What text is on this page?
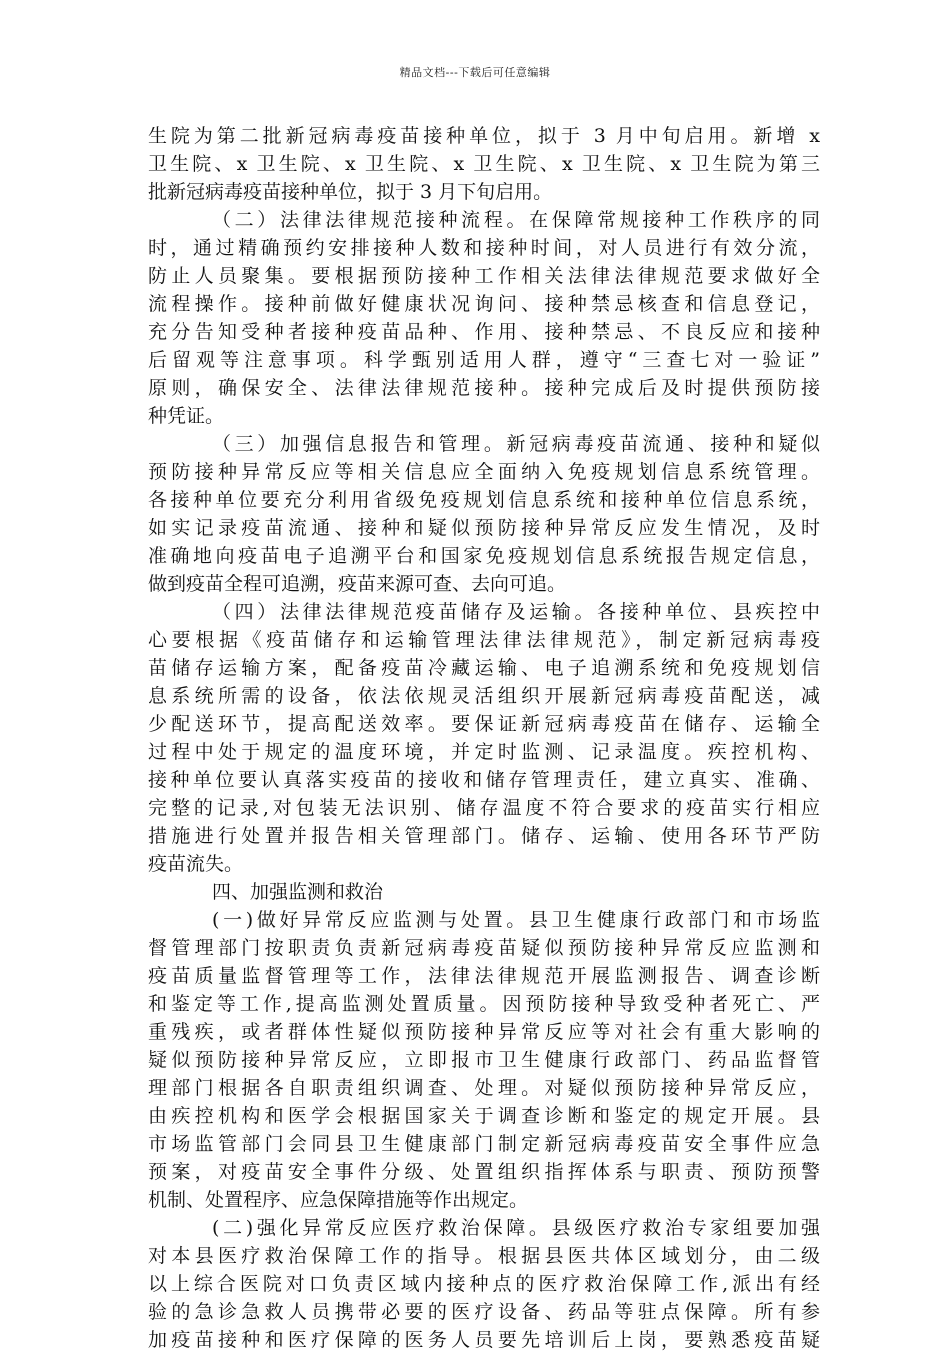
精品文档---下载后可任意编辑
生院为第二批新冠病毒疫苗接种单位，拟于 3 月中旬启用。新增 x
卫生院、x 卫生院、x 卫生院、x 卫生院、x 卫生院、x 卫生院为第三
批新冠病毒疫苗接种单位，拟于 3 月下旬启用。
（二）法律法律规范接种流程。在保障常规接种工作秩序的同
时，通过精确预约安排接种人数和接种时间，对人员进行有效分流，
防止人员聚集。要根据预防接种工作相关法律法律规范要求做好全
流程操作。接种前做好健康状况询问、接种禁忌核查和信息登记，
充分告知受种者接种疫苗品种、作用、接种禁忌、不良反应和接种
后留观等注意事项。科学甄别适用人群，遵守“三查七对一验证”
原则，确保安全、法律法律规范接种。接种完成后及时提供预防接
种凭证。
（三）加强信息报告和管理。新冠病毒疫苗流通、接种和疑似
预防接种异常反应等相关信息应全面纳入免疫规划信息系统管理。
各接种单位要充分利用省级免疫规划信息系统和接种单位信息系统，
如实记录疫苗流通、接种和疑似预防接种异常反应发生情况，及时
准确地向疫苗电子追溯平台和国家免疫规划信息系统报告规定信息，
做到疫苗全程可追溯，疫苗来源可查、去向可追。
（四）法律法律规范疫苗储存及运输。各接种单位、县疾控中
心要根据《疫苗储存和运输管理法律法律规范》，制定新冠病毒疫
苗储存运输方案，配备疫苗冷藏运输、电子追溯系统和免疫规划信
息系统所需的设备，依法依规灵活组织开展新冠病毒疫苗配送，减
少配送环节，提高配送效率。要保证新冠病毒疫苗在储存、运输全
过程中处于规定的温度环境，并定时监测、记录温度。疾控机构、
接种单位要认真落实疫苗的接收和储存管理责任，建立真实、准确、
完整的记录,对包装无法识别、储存温度不符合要求的疫苗实行相应
措施进行处置并报告相关管理部门。储存、运输、使用各环节严防
疫苗流失。
四、加强监测和救治
(一)做好异常反应监测与处置。县卫生健康行政部门和市场监
督管理部门按职责负责新冠病毒疫苗疑似预防接种异常反应监测和
疫苗质量监督管理等工作，法律法律规范开展监测报告、调查诊断
和鉴定等工作,提高监测处置质量。因预防接种导致受种者死亡、严
重残疾，或者群体性疑似预防接种异常反应等对社会有重大影响的
疑似预防接种异常反应，立即报市卫生健康行政部门、药品监督管
理部门根据各自职责组织调查、处理。对疑似预防接种异常反应，
由疾控机构和医学会根据国家关于调查诊断和鉴定的规定开展。县
市场监管部门会同县卫生健康部门制定新冠病毒疫苗安全事件应急
预案，对疫苗安全事件分级、处置组织指挥体系与职责、预防预警
机制、处置程序、应急保障措施等作出规定。
(二)强化异常反应医疗救治保障。县级医疗救治专家组要加强
对本县医疗救治保障工作的指导。根据县医共体区域划分，由二级
以上综合医院对口负责区域内接种点的医疗救治保障工作,派出有经
验的急诊急救人员携带必要的医疗设备、药品等驻点保障。所有参
加疫苗接种和医疗保障的医务人员要先培训后上岗，要熟悉疫苗疑
